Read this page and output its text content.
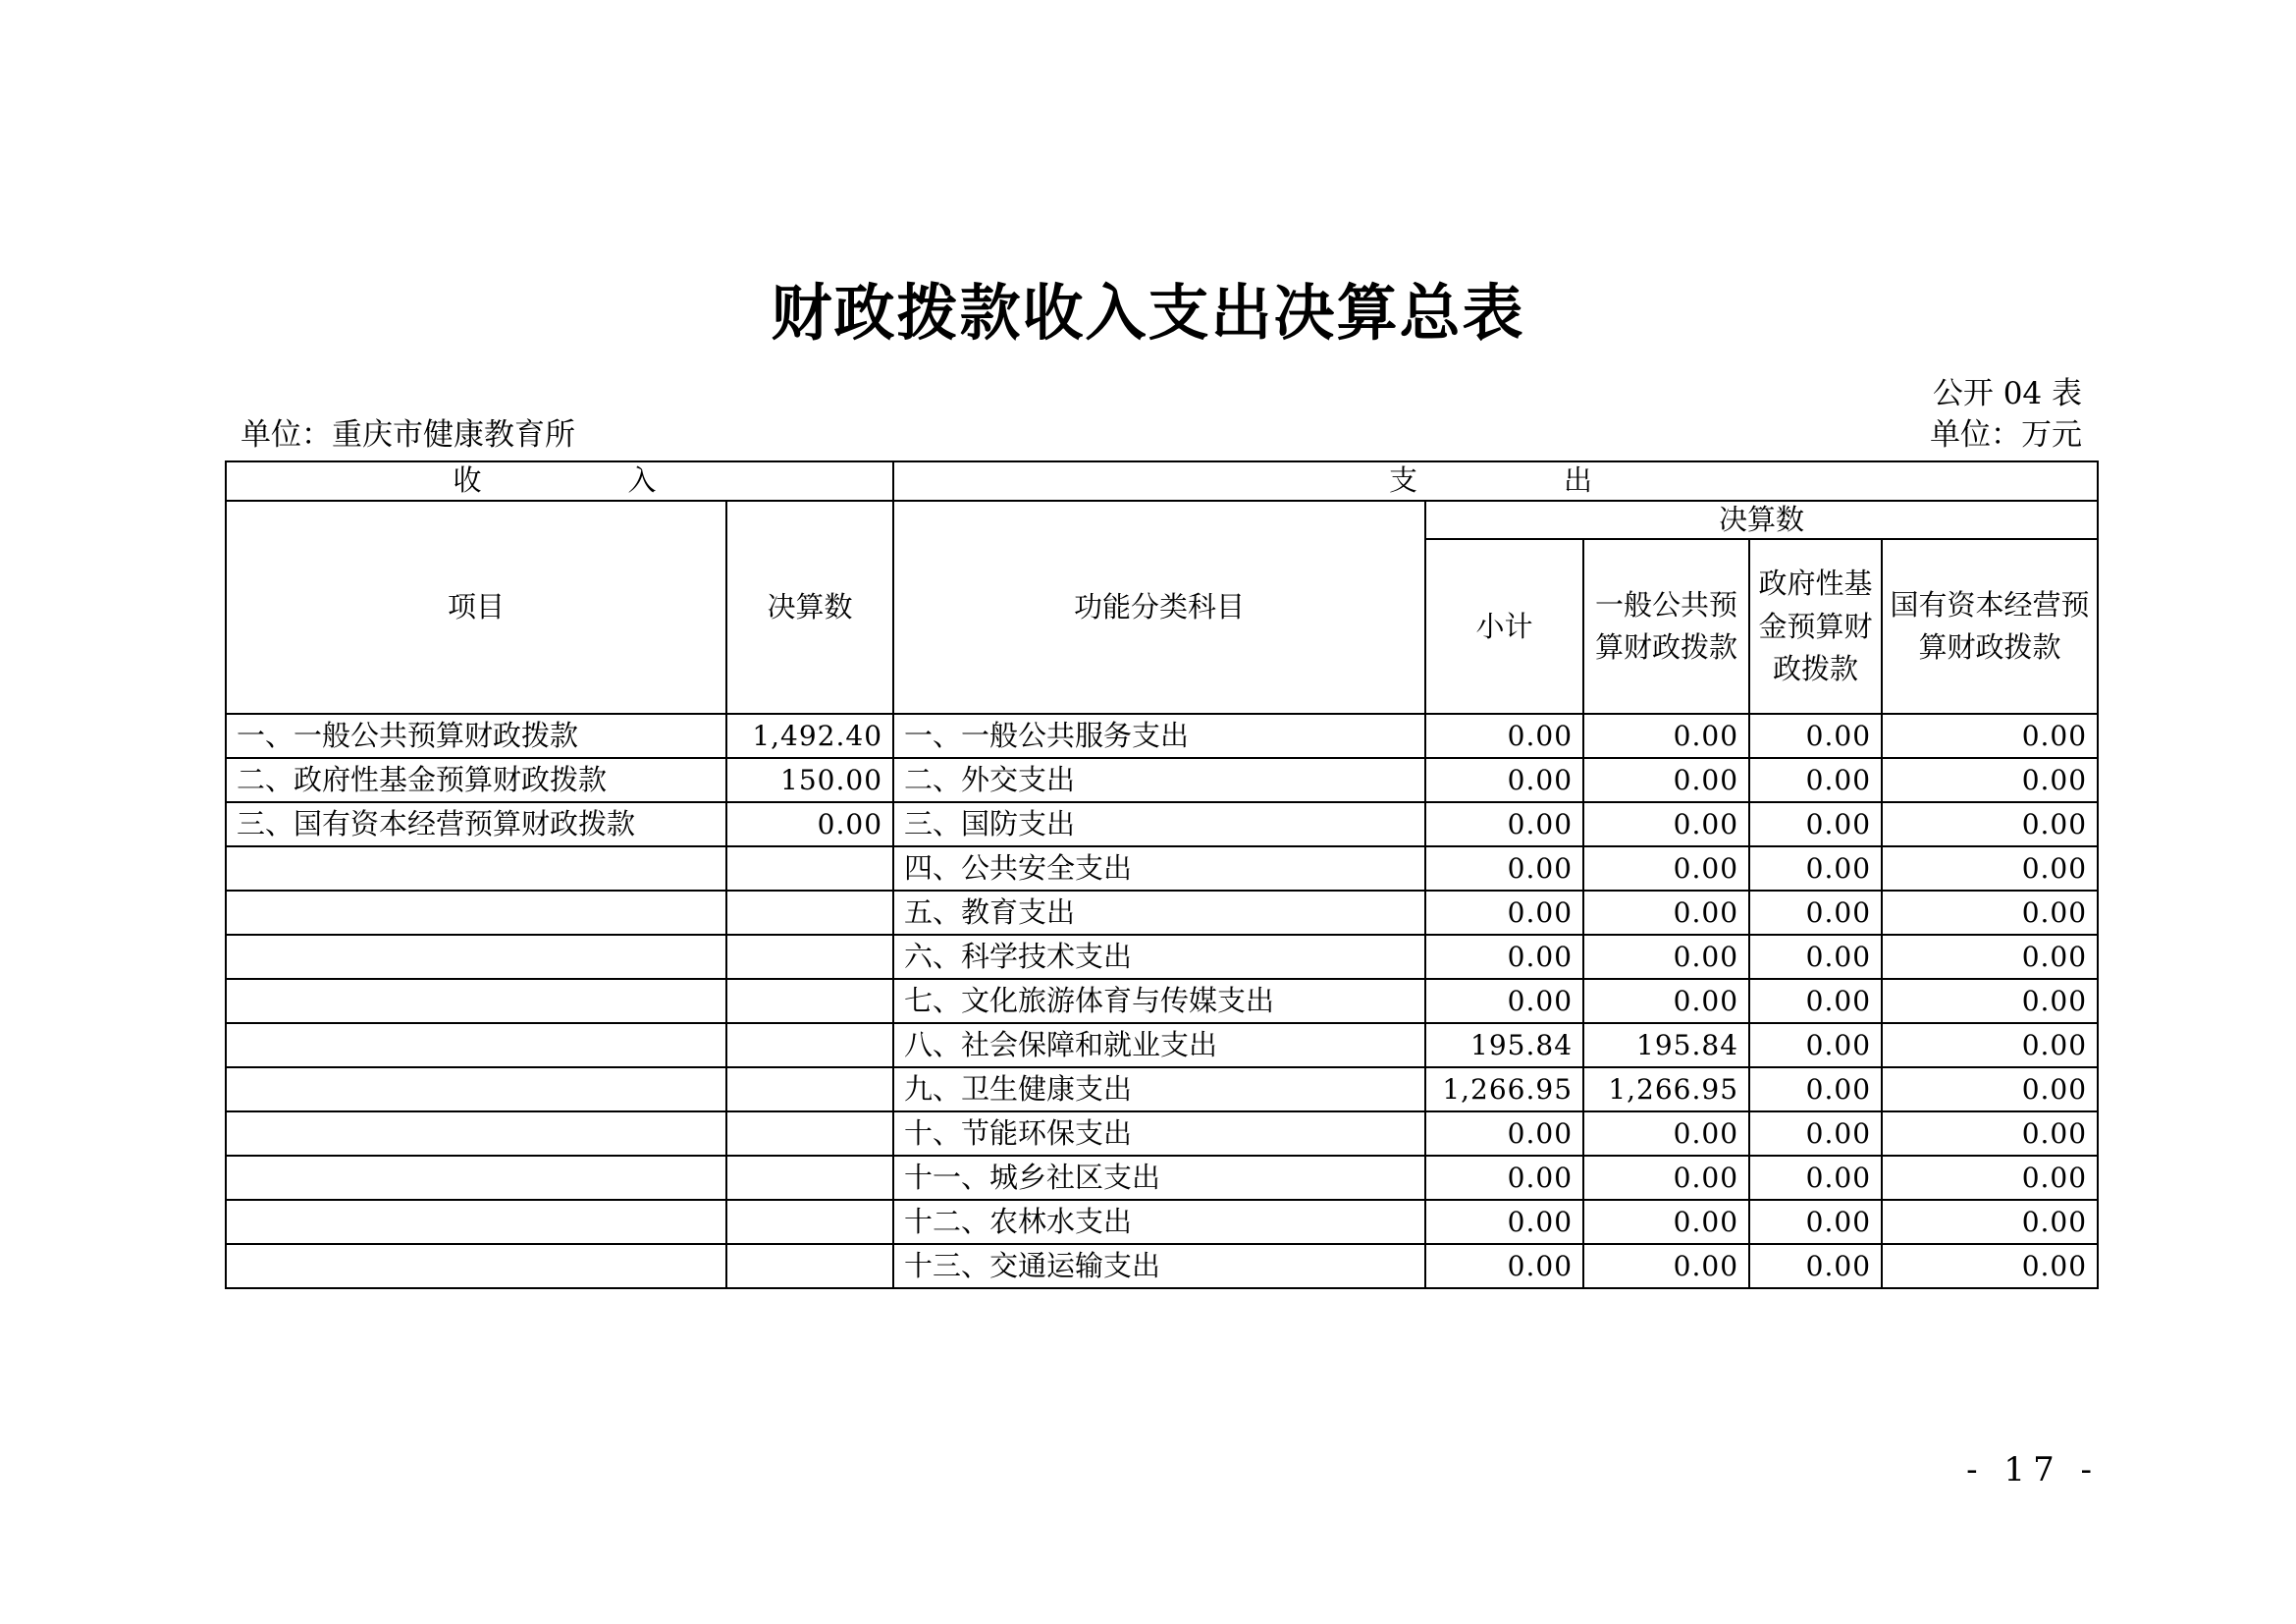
财政拨款收入支出决算总表
公开 04 表
单位：重庆市健康教育所	单位：万元
收　入		支　出				
项目	决算数	功能分类科目	决算数			
			小计	一般公共预算财政拨款	政府性基金预算财政拨款	国有资本经营预算财政拨款
一、一般公共预算财政拨款	1,492.40	一、一般公共服务支出	0.00	0.00	0.00	0.00
二、政府性基金预算财政拨款	150.00	二、外交支出	0.00	0.00	0.00	0.00
三、国有资本经营预算财政拨款	0.00	三、国防支出	0.00	0.00	0.00	0.00
		四、公共安全支出	0.00	0.00	0.00	0.00
		五、教育支出	0.00	0.00	0.00	0.00
		六、科学技术支出	0.00	0.00	0.00	0.00
		七、文化旅游体育与传媒支出	0.00	0.00	0.00	0.00
		八、社会保障和就业支出	195.84	195.84	0.00	0.00
		九、卫生健康支出	1,266.95	1,266.95	0.00	0.00
		十、节能环保支出	0.00	0.00	0.00	0.00
		十一、城乡社区支出	0.00	0.00	0.00	0.00
		十二、农林水支出	0.00	0.00	0.00	0.00
		十三、交通运输支出	0.00	0.00	0.00	0.00
- 17 -
